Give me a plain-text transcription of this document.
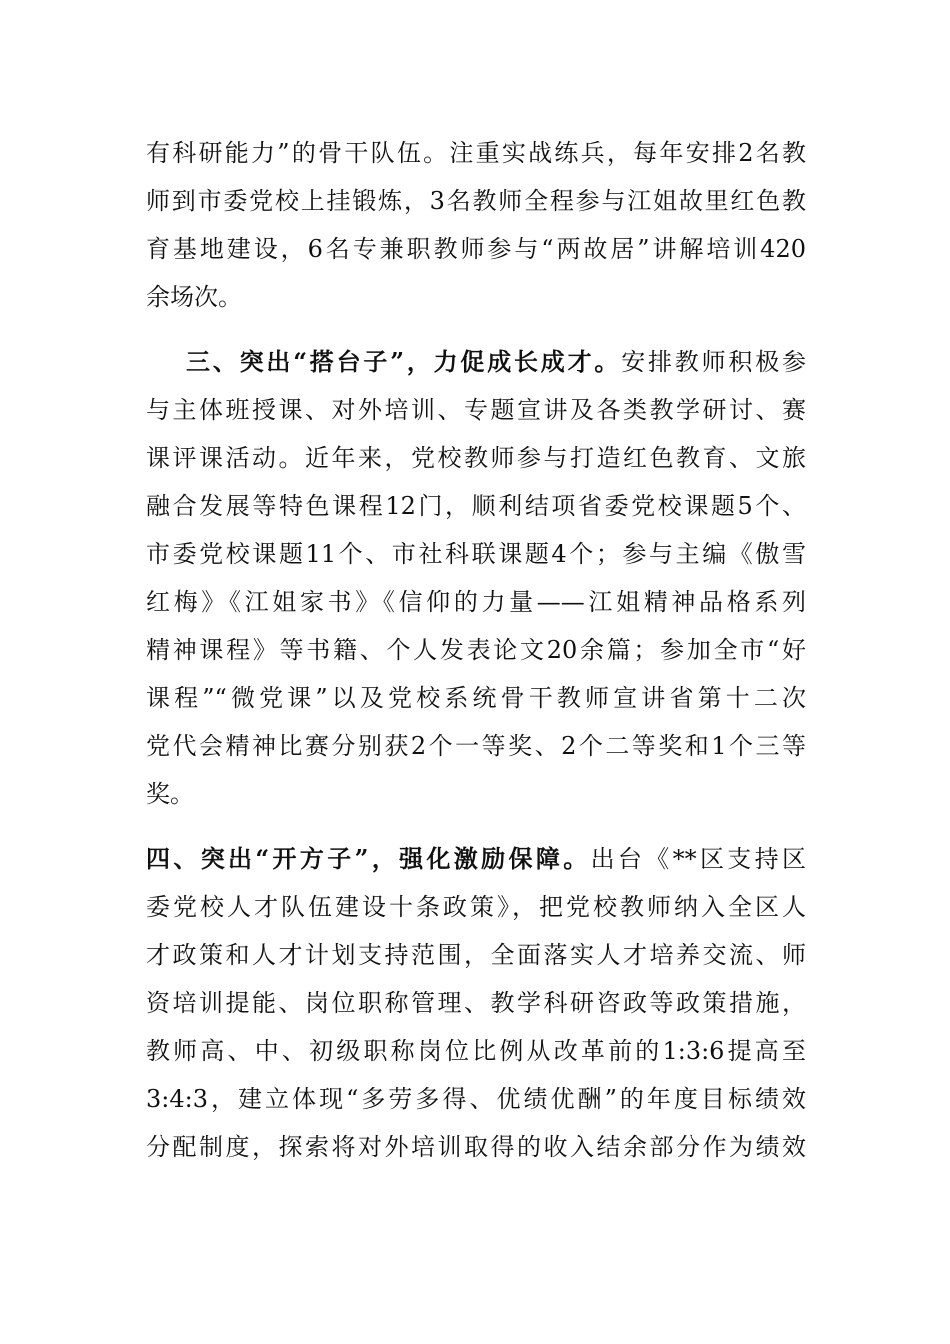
有科研能力”的骨干队伍。注重实战练兵，每年安排2名教
师到市委党校上挂锻炼，3名教师全程参与江姐故里红色教
育基地建设，6名专兼职教师参与“两故居”讲解培训420
余场次。
三、突出“搭台子”，力促成长成才。安排教师积极参
与主体班授课、对外培训、专题宣讲及各类教学研讨、赛
课评课活动。近年来，党校教师参与打造红色教育、文旅
融合发展等特色课程12门，顺利结项省委党校课题5个、
市委党校课题11个、市社科联课题4个；参与主编《傲雪
红梅》《江姐家书》《信仰的力量——江姐精神品格系列
精神课程》等书籍、个人发表论文20余篇；参加全市“好
课程”“微党课”以及党校系统骨干教师宣讲省第十二次
党代会精神比赛分别获2个一等奖、2个二等奖和1个三等
奖。
四、突出“开方子”，强化激励保障。出台《**区支持区
委党校人才队伍建设十条政策》，把党校教师纳入全区人
才政策和人才计划支持范围，全面落实人才培养交流、师
资培训提能、岗位职称管理、教学科研咨政等政策措施，
教师高、中、初级职称岗位比例从改革前的1:3:6提高至
3:4:3，建立体现“多劳多得、优绩优酬”的年度目标绩效
分配制度，探索将对外培训取得的收入结余部分作为绩效
